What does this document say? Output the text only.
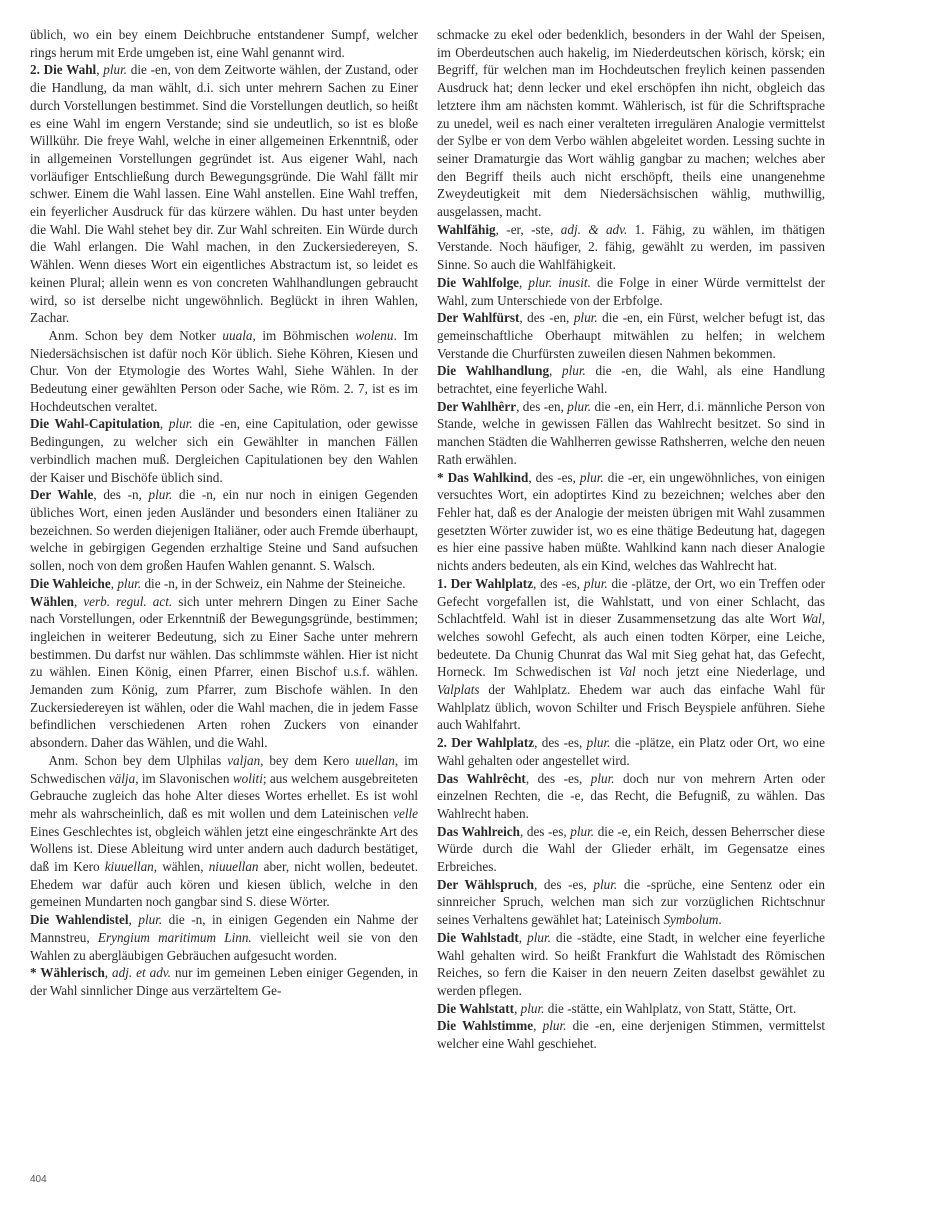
üblich, wo ein bey einem Deichbruche entstandener Sumpf, welcher rings herum mit Erde umgeben ist, eine Wahl genannt wird.

2. Die Wahl, plur. die -en, von dem Zeitworte wählen, der Zustand, oder die Handlung, da man wählt, d.i. sich unter mehrern Sachen zu Einer durch Vorstellungen bestimmet. Sind die Vorstellungen deutlich, so heißt es eine Wahl im engern Verstande; sind sie undeutlich, so ist es bloße Willkühr. Die freye Wahl, welche in einer allgemeinen Erkenntniß, oder in allgemeinen Vorstellungen gegründet ist. Aus eigener Wahl, nach vorläufiger Entschließung durch Bewegungsgründe. Die Wahl fällt mir schwer. Einem die Wahl lassen. Eine Wahl anstellen. Eine Wahl treffen, ein feyerlicher Ausdruck für das kürzere wählen. Du hast unter beyden die Wahl. Die Wahl stehet bey dir. Zur Wahl schreiten. Ein Würde durch die Wahl erlangen. Die Wahl machen, in den Zuckersiedereyen, S. Wählen. Wenn dieses Wort ein eigentliches Abstractum ist, so leidet es keinen Plural; allein wenn es von concreten Wahlhandlungen gebraucht wird, so ist derselbe nicht ungewöhnlich. Beglückt in ihren Wahlen, Zachar.

Anm. Schon bey dem Notker uuala, im Böhmischen wolenu. Im Niedersächsischen ist dafür noch Kör üblich. Siehe Köhren, Kiesen und Chur. Von der Etymologie des Wortes Wahl, Siehe Wählen. In der Bedeutung einer gewählten Person oder Sache, wie Röm. 2. 7, ist es im Hochdeutschen veraltet.

Die Wahl-Capitulation, plur. die -en, eine Capitulation, oder gewisse Bedingungen, zu welcher sich ein Gewählter in manchen Fällen verbindlich machen muß. Dergleichen Capitulationen bey den Wahlen der Kaiser und Bischöfe üblich sind.

Der Wahle, des -n, plur. die -n, ein nur noch in einigen Gegenden übliches Wort, einen jeden Ausländer und besonders einen Italiäner zu bezeichnen. So werden diejenigen Italiäner, oder auch Fremde überhaupt, welche in gebirgigen Gegenden erzhaltige Steine und Sand aufsuchen sollen, noch von dem großen Haufen Wahlen genannt. S. Walsch.

Die Wahleiche, plur. die -n, in der Schweiz, ein Nahme der Steineiche.

Wählen, verb. regul. act. sich unter mehrern Dingen zu Einer Sache nach Vorstellungen, oder Erkenntniß der Bewegungsgründe, bestimmen; ingleichen in weiterer Bedeutung, sich zu Einer Sache unter mehrern bestimmen. Du darfst nur wählen. Das schlimmste wählen. Hier ist nicht zu wählen. Einen König, einen Pfarrer, einen Bischof u.s.f. wählen. Jemanden zum König, zum Pfarrer, zum Bischofe wählen. In den Zuckersiedereyen ist wählen, oder die Wahl machen, die in jedem Fasse befindlichen verschiedenen Arten rohen Zuckers von einander absondern. Daher das Wählen, und die Wahl.

Anm. Schon bey dem Ulphilas valjan, bey dem Kero uuellan, im Schwedischen välja, im Slavonischen woliti; aus welchem ausgebreiteten Gebrauche zugleich das hohe Alter dieses Wortes erhellet. Es ist wohl mehr als wahrscheinlich, daß es mit wollen und dem Lateinischen velle Eines Geschlechtes ist, obgleich wählen jetzt eine eingeschränkte Art des Wollens ist. Diese Ableitung wird unter andern auch dadurch bestätiget, daß im Kero kiuuellan, wählen, niuuellan aber, nicht wollen, bedeutet. Ehedem war dafür auch kören und kiesen üblich, welche in den gemeinen Mundarten noch gangbar sind S. diese Wörter.

Die Wahlendistel, plur. die -n, in einigen Gegenden ein Nahme der Mannstreu, Eryngium maritimum Linn. vielleicht weil sie von den Wahlen zu abergläubigen Gebräuchen aufgesucht worden.

* Wählerisch, adj. et adv. nur im gemeinen Leben einiger Gegenden, in der Wahl sinnlicher Dinge aus verzärteltem Ge-

schmacke zu ekel oder bedenklich, besonders in der Wahl der Speisen, im Oberdeutschen auch hakelig, im Niederdeutschen körisch, körsk; ein Begriff, für welchen man im Hochdeutschen freylich keinen passenden Ausdruck hat; denn lecker und ekel erschöpfen ihn nicht, obgleich das letztere ihm am nächsten kommt. Wählerisch, ist für die Schriftsprache zu unedel, weil es nach einer veralteten irregulären Analogie vermittelst der Sylbe er von dem Verbo wählen abgeleitet worden. Lessing suchte in seiner Dramaturgie das Wort wählig gangbar zu machen; welches aber den Begriff theils auch nicht erschöpft, theils eine unangenehme Zweydeutigkeit mit dem Niedersächsischen wählig, muthwillig, ausgelassen, macht.

Wahlfähig, -er, -ste, adj. & adv. 1. Fähig, zu wählen, im thätigen Verstande. Noch häufiger, 2. fähig, gewählt zu werden, im passiven Sinne. So auch die Wahlfähigkeit.

Die Wahlfolge, plur. inusit. die Folge in einer Würde vermittelst der Wahl, zum Unterschiede von der Erbfolge.

Der Wahlfürst, des -en, plur. die -en, ein Fürst, welcher befugt ist, das gemeinschaftliche Oberhaupt mitwählen zu helfen; in welchem Verstande die Churfürsten zuweilen diesen Nahmen bekommen.

Die Wahlhandlung, plur. die -en, die Wahl, als eine Handlung betrachtet, eine feyerliche Wahl.

Der Wahlhêrr, des -en, plur. die -en, ein Herr, d.i. männliche Person von Stande, welche in gewissen Fällen das Wahlrecht besitzet. So sind in manchen Städten die Wahlherren gewisse Rathsherren, welche den neuen Rath erwählen.

* Das Wahlkind, des -es, plur. die -er, ein ungewöhnliches, von einigen versuchtes Wort, ein adoptirtes Kind zu bezeichnen; welches aber den Fehler hat, daß es der Analogie der meisten übrigen mit Wahl zusammen gesetzten Wörter zuwider ist, wo es eine thätige Bedeutung hat, dagegen es hier eine passive haben müßte. Wahlkind kann nach dieser Analogie nichts anders bedeuten, als ein Kind, welches das Wahlrecht hat.

1. Der Wahlplatz, des -es, plur. die -plätze, der Ort, wo ein Treffen oder Gefecht vorgefallen ist, die Wahlstatt, und von einer Schlacht, das Schlachtfeld. Wahl ist in dieser Zusammensetzung das alte Wort Wal, welches sowohl Gefecht, als auch einen todten Körper, eine Leiche, bedeutete. Da Chunig Chunrat das Wal mit Sieg gehat hat, das Gefecht, Horneck. Im Schwedischen ist Val noch jetzt eine Niederlage, und Valplats der Wahlplatz. Ehedem war auch das einfache Wahl für Wahlplatz üblich, wovon Schilter und Frisch Beyspiele anführen. Siehe auch Wahlfahrt.

2. Der Wahlplatz, des -es, plur. die -plätze, ein Platz oder Ort, wo eine Wahl gehalten oder angestellet wird.

Das Wahlrêcht, des -es, plur. doch nur von mehrern Arten oder einzelnen Rechten, die -e, das Recht, die Befugniß, zu wählen. Das Wahlrecht haben.

Das Wahlreich, des -es, plur. die -e, ein Reich, dessen Beherrscher diese Würde durch die Wahl der Glieder erhält, im Gegensatze eines Erbreiches.

Der Wählspruch, des -es, plur. die -sprüche, eine Sentenz oder ein sinnreicher Spruch, welchen man sich zur vorzüglichen Richtschnur seines Verhaltens gewählet hat; Lateinisch Symbolum.

Die Wahlstadt, plur. die -städte, eine Stadt, in welcher eine feyerliche Wahl gehalten wird. So heißt Frankfurt die Wahlstadt des Römischen Reiches, so fern die Kaiser in den neuern Zeiten daselbst gewählet zu werden pflegen.

Die Wahlstatt, plur. die -stätte, ein Wahlplatz, von Statt, Stätte, Ort.

Die Wahlstimme, plur. die -en, eine derjenigen Stimmen, vermittelst welcher eine Wahl geschiehet.

404
